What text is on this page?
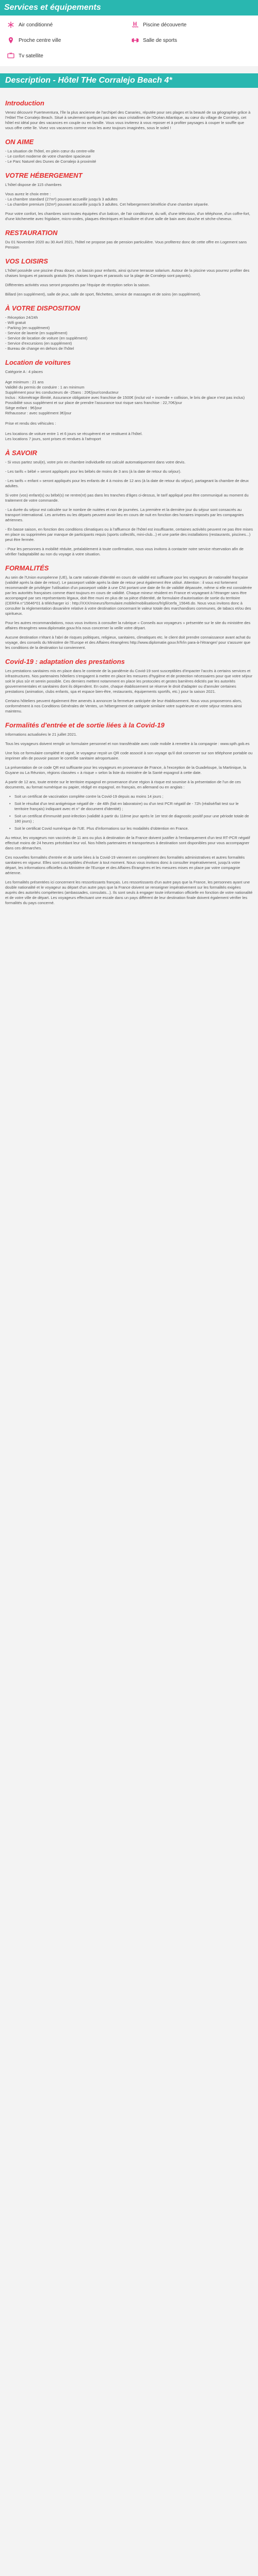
Services et équipements
Air conditionné	Piscine découverte
Proche centre ville	Salle de sports
Tv satellite
Description - Hôtel THe Corralejo Beach 4*
Introduction

Venez découvrir Fuerteventura, l'île la plus ancienne de l'archipel des Canaries, réputée pour ses plages et la beauté de sa géographie grâce à l'Hôtel The Corralejo Beach. Situé à seulement quelques pas des vaux cristallines de l'Océan Atlantique, au cœur du village de Corralejo, cet hôtel est idéal pour des vacances en couple ou en famille. Vous vous inviterez à vous reposer et à profiter paysages à couper le souffle que vous offre cette île. Vivez vos vacances comme vous les avez toujours imaginées, sous le soleil !

ON AIME
- La situation de l'hôtel, en plein cœur du centre-ville
- Le confort moderne de votre chambre spacieuse
- Le Parc Naturel des Dunes de Corralejo à proximité
VOTRE HÉBERGEMENT

L'hôtel dispose de 115 chambres

Vous aurez le choix entre :
- La chambre standard (27m²) pouvant accueillir jusqu'à 3 adultes
- La chambre premium (32m²) pouvant accueillir jusqu'à 3 adultes. Cet hébergement bénéficie d'une chambre séparée.

Pour votre confort, les chambres sont toutes équipées d'un balcon, de l'air conditionné, du wifi, d'une télévision, d'un téléphone, d'un coffre-fort, d'une kitchenette avec frigidaire, micro-ondes, plaques électriques et bouilloire et d'une salle de bain avec douche et sèche-cheveux.

RESTAURATION

Du 01 Novembre 2020 au 30 Avril 2021, l'hôtel ne propose pas de pension particulière. Vous profiterez donc de cette offre en Logement sans Pension

VOS LOISIRS

L'hôtel possède une piscine d'eau douce, un bassin pour enfants, ainsi qu'une terrasse solarium. Autour de la piscine vous pourrez profiter des chaises longues et parasols gratuits (les chaises longues et parasols sur la plage de Corralejo sont payants).

Différentes activités vous seront proposées par l'équipe de réception selon la saison.

Billard (en supplément), salle de jeux, salle de sport, fléchettes, service de massages et de soins (en supplément).

À VOTRE DISPOSITION
- Réception 24/24h
- Wifi gratuit
- Parking (en supplément)
- Service de laverie (en supplément)
- Service de location de voiture (en supplément)
- Service d'excursions (en supplément)
- Bureau de change en dehors de l'hôtel
Location de voitures
Catégorie A : 4 places

Age minimum : 21 ans
Validité du permis de conduire : 1 an minimum
Supplément pour les conducteurs de -25ans : 20€/jour/conducteur
Inclus : Kilométrage illimité, Assurance obligatoire avec franchise de 1500€ (inclut vol + incendie + collision, le bris de glace n'est pas inclus)
Possibilité sous supplément et sur place de prendre l'assurance tout risque sans franchise : 22,70€/jour
Siège enfant : 9€/jour
Réhausseur : avec supplément 3€/jour

Prise et rendu des véhicules :

Les locations de voiture entre 1 et 6 jours se récupèrent et se restituent à l'hôtel.
Les locations 7 jours, sont prises et rendues à l'aéroport
À SAVOIR

- Si vous partez seul(e), votre prix en chambre individuelle est calculé automatiquement dans votre devis.

- Les tarifs « bébé » seront appliqués pour les bébés de moins de 3 ans (à la date de retour du séjour).

- Les tarifs « enfant » seront appliqués pour les enfants de 4 à moins de 12 ans (à la date de retour du séjour), partageant la chambre de deux adultes.

Si votre (vos) enfant(s) ou bébé(s) ne rentre(nt) pas dans les tranches d'âges ci-dessus, le tarif appliqué peut être communiqué au moment du traitement de votre commande.

- La durée du séjour est calculée sur le nombre de nuitées et non de journées. La première et la dernière jour du séjour sont consacrés au transport international. Les arrivées ou les départs peuvent avoir lieu en cours de nuit en fonction des horaires imposés par les compagnies aériennes.

- En basse saison, en fonction des conditions climatiques ou à l'affluence de l'hôtel est insuffisante, certaines activités peuvent ne pas être mises en place ou supprimées par manque de participants requis (sports collectifs, mini-club...) et une partie des installations (restaurants, piscines...) peut être fermée.

- Pour les personnes à mobilité réduite, préalablement à toute confirmation, nous vous invitons à contacter notre service réservation afin de vérifier l'adaptabilité au non du voyage à votre situation.

FORMALITÉS

Au sein de l'Union européenne (UE), la carte nationale d'identité en cours de validité est suffisante pour les voyageurs de nationalité française (validité après la date de retour). Le passeport valide après la date de retour peut également être utilisé. Attention : il vous est fortement recommandé de privilégier l'utilisation d'un passeport valide à une CNI portant une date de fin de validité dépassée, même si elle est considérée par les autorités françaises comme étant toujours en cours de validité. Chaque mineur résident en France et voyageant à l'étranger sans être accompagné par ses représentants légaux, doit être muni en plus de sa pièce d'identité, de formulaire d'autorisation de sortie du territoire (CERFA n°15646*01 à télécharger ici : http://XXX/mineurs/formulaire.mobile/mobilisations/fr/gfi/cerfa_15646.do. Nous vous invitons donc à consulter la réglementation douanière relative à votre destination concernant le valeur totale des marchandises communes, de tabacs et/ou des spiritueux.

Pour les autres recommandations, nous vous invitons à consulter la rubrique « Conseils aux voyageurs » présentée sur le site du ministère des affaires étrangères www.diplomatie.gouv.fr/a nous concerner la veille votre départ.

Aucune destination n'étant à l'abri de risques politiques, religieux, sanitaires, climatiques etc. le client doit prendre connaissance avant achat du voyage, des conseils du Ministère de l'Europe et des Affaires étrangères http://www.diplomatie.gouv.fr/fr/in para-à-l'étranger/ pour s'assurer que les conditions de la destination lui conviennent.

Covid-19 : adaptation des prestations

Les prestations sanitaires mis en place dans le contexte de la pandémie du Covid-19 sont susceptibles d'impacter l'accès à certains services et infrastructures. Nos partenaires hôteliers s'engagent à mettre en place les mesures d'hygiène et de protection nécessaires pour que votre séjour soit le plus sûr et serein possible. Ces derniers mettent notamment en place les protocoles et gestes barrières édictés par les autorités gouvernementales et sanitaires dont ils dépendent. En outre, chaque établissement se réserve le droit d'adapter ou d'annuler certaines prestations (animation, clubs enfants, spa et espace bien-être, restaurants, équipements sportifs, etc.) pour la saison 2021.

Certains hôteliers peuvent également être amenés à annoncer la fermeture anticipée de leur établissement. Nous vous proposerons alors, conformément à nos Conditions Générales de Ventes, un hébergement de catégorie similaire votre supérieure et votre séjour restera ainsi maintenu.

Formalités d'entrée et de sortie liées à la Covid-19

Informations actualisées le 21 juillet 2021.

Tous les voyageurs doivent remplir un formulaire personnel et non transférable avec code mobile à remettre à la compagnie : www.spth.gob.es

Une fois ce formulaire complété et signé, le voyageur reçoit un QR code associé à son voyage qu'il doit conserver sur son téléphone portable ou imprimer afin de pouvoir passer le contrôle sanitaire aéroportuaire.

La présentation de ce code QR est suffisante pour les voyageurs en provenance de France, à l'exception de la Guadeloupe, la Martinique, la Guyane ou La Réunion, régions classées « à risque » selon la liste du ministère de la Santé espagnol à cette date.

A partir de 12 ans, toute entrée sur le territoire espagnol en provenance d'une région à risque est soumise à la présentation de l'un de ces documents, au format numérique ou papier, rédigé en espagnol, en français, en allemand ou en anglais :

• Soit un certificat de vaccination complète contre la Covid-19 depuis au moins 14 jours ;
• Soit le résultat d'un test antigénique négatif de - de 48h (fait en laboratoire) ou d'un test PCR négatif de - 72h (réalisé/fait test sur le territoire français) indiquant avec et n° de document d'identité) ;
• Soit un certificat d'immunité post-infection (validité à partir du 11ème jour après le 1er test de diagnostic positif pour une période totale de 180 jours) ;
• Soit le certificat Covid numérique de l'UE. Plus d'informations sur les modalités d'obtention en France.

Au retour, les voyageurs non vaccinés de 11 ans ou plus à destination de la France doivent justifier à l'embarquement d'un test RT-PCR négatif effectué moins de 24 heures précédant leur vol. Nos hôtels partenaires et transporteurs à destination sont disponibles pour vous accompagner dans ces démarches.

Ces nouvelles formalités d'entrée et de sortie liées à la Covid-19 viennent en complément des formalités administratives et autres formalités sanitaires en vigueur. Elles sont susceptibles d'évoluer à tout moment. Nous vous invitons donc à consulter impérativement, jusqu'à votre départ, les informations officielles du Ministère de l'Europe et des Affaires Étrangères et les mesures mises en place par votre compagnie aérienne.

Les formalités présentées ici concernent les ressortissants français. Les ressortissants d'un autre pays que la France, les personnes ayant une double nationalité et le voyageur au départ d'un autre pays que la France doivent se renseigner impérativement sur les formalités exigées auprès des autorités compétentes (ambassades, consulats...). Ils sont seuls à engager toute information officielle en fonction de votre nationalité et de votre ville de départ. Les voyageurs effectuant une escale dans un pays différent de leur destination finale doivent également vérifier les formalités du pays concerné.
